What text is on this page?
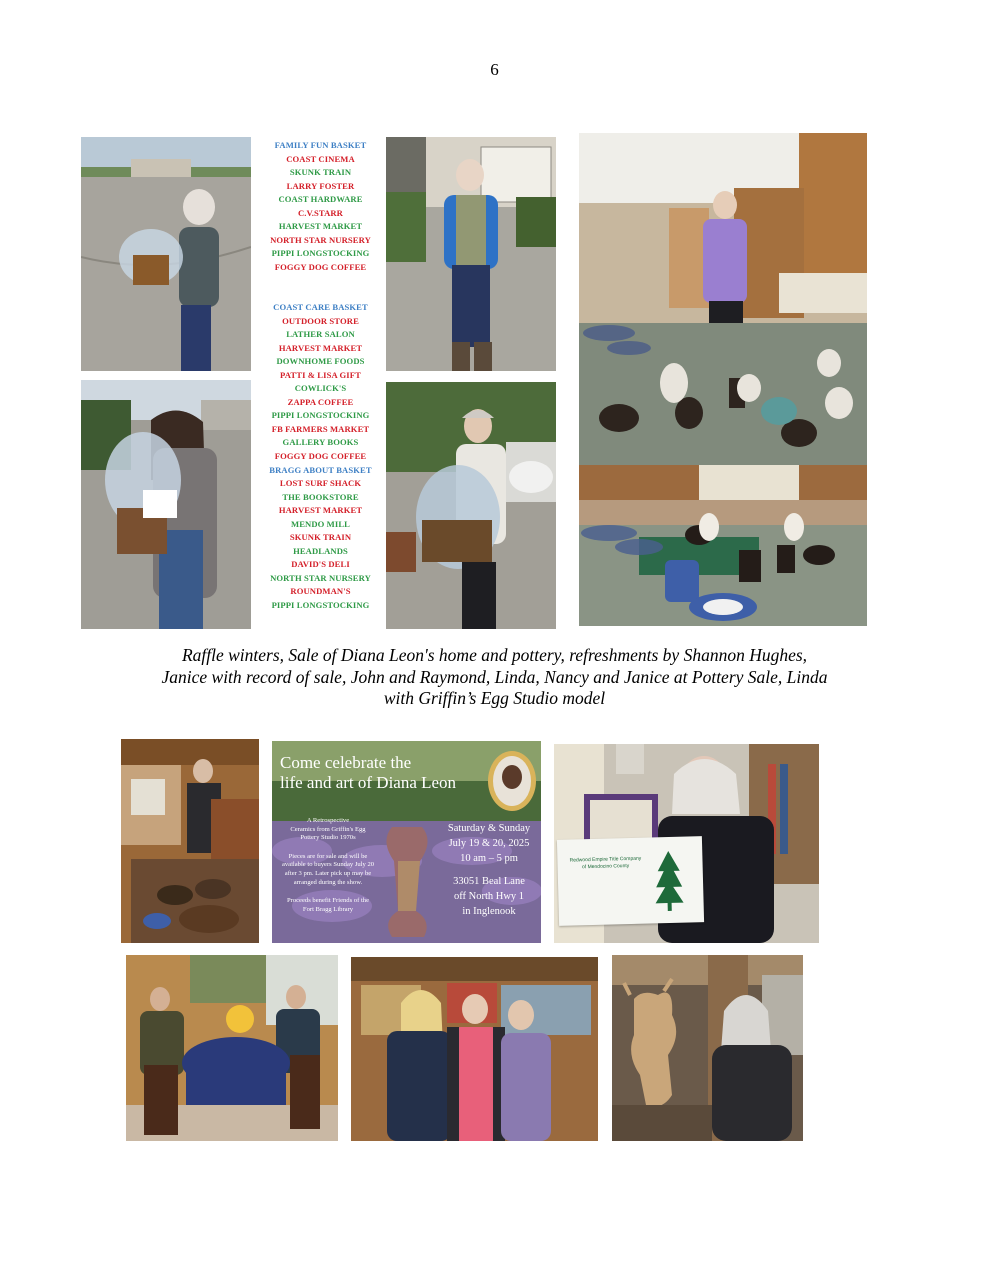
6
FAMILY FUN BASKET
COAST CINEMA
SKUNK TRAIN
LARRY FOSTER
COAST HARDWARE
C.V.STARR
HARVEST MARKET
NORTH STAR NURSERY
PIPPI LONGSTOCKING
FOGGY DOG COFFEE
COAST CARE BASKET
OUTDOOR STORE
LATHER SALON
HARVEST MARKET
DOWNHOME FOODS
PATTI & LISA GIFT
COWLICK'S
ZAPPA COFFEE
PIPPI LONGSTOCKING
FB FARMERS MARKET
GALLERY BOOKS
FOGGY DOG COFFEE
BRAGG ABOUT BASKET
LOST SURF SHACK
THE BOOKSTORE
HARVEST MARKET
MENDO MILL
SKUNK TRAIN
HEADLANDS
DAVID'S DELI
NORTH STAR NURSERY
ROUNDMAN'S
PIPPI LONGSTOCKING
Raffle winters, Sale of Diana Leon's home and pottery, refreshments by Shannon Hughes,
Janice with record of sale, John and Raymond, Linda, Nancy and Janice at Pottery Sale, Linda
with Griffin’s Egg Studio model
Come celebrate the
life and art of Diana Leon
A Retrospective
Ceramics from Griffin's Egg
Pottery Studio 1970s
Pieces are for sale and will be
available to buyers Sunday July 20
after 3 pm. Later pick up may be
arranged during the show.
Proceeds benefit Friends of the
Fort Bragg Library
Saturday & Sunday
July 19 & 20, 2025
10 am – 5 pm
33051 Beal Lane
off North Hwy 1
in Inglenook
Redwood Empire Title Company
of Mendocino County
